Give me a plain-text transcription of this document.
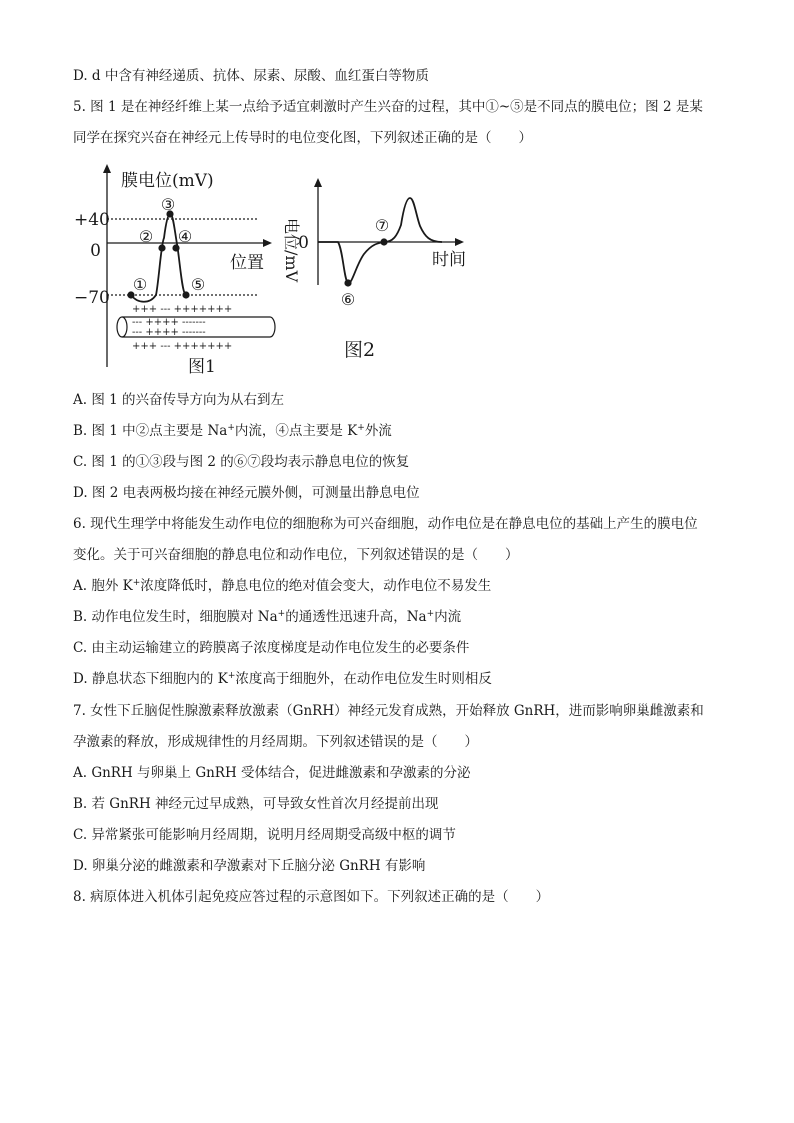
D. d 中含有神经递质、抗体、尿素、尿酸、血红蛋白等物质
5. 图 1 是在神经纤维上某一点给予适宜刺激时产生兴奋的过程，其中①~⑤是不同点的膜电位；图 2 是某
同学在探究兴奋在神经元上传导时的电位变化图，下列叙述正确的是（　　）
膜电位(mV)
+40
0
−70
位置
①
②
③
④
⑤
+++ --- +++++++
--- ++++ -------
--- ++++ -------
+++ --- +++++++
图1
0
电位/mV	时间
⑥
⑦
图2
A. 图 1 的兴奋传导方向为从右到左
B. 图 1 中②点主要是 Na+内流，④点主要是 K+外流
C. 图 1 的①③段与图 2 的⑥⑦段均表示静息电位的恢复
D. 图 2 电表两极均接在神经元膜外侧，可测量出静息电位
6. 现代生理学中将能发生动作电位的细胞称为可兴奋细胞，动作电位是在静息电位的基础上产生的膜电位
变化。关于可兴奋细胞的静息电位和动作电位，下列叙述错误的是（　　）
A. 胞外 K+浓度降低时，静息电位的绝对值会变大，动作电位不易发生
B. 动作电位发生时，细胞膜对 Na+的通透性迅速升高，Na+内流
C. 由主动运输建立的跨膜离子浓度梯度是动作电位发生的必要条件
D. 静息状态下细胞内的 K+浓度高于细胞外，在动作电位发生时则相反
7. 女性下丘脑促性腺激素释放激素（GnRH）神经元发育成熟，开始释放 GnRH，进而影响卵巢雌激素和
孕激素的释放，形成规律性的月经周期。下列叙述错误的是（　　）
A. GnRH 与卵巢上 GnRH 受体结合，促进雌激素和孕激素的分泌
B. 若 GnRH 神经元过早成熟，可导致女性首次月经提前出现
C. 异常紧张可能影响月经周期，说明月经周期受高级中枢的调节
D. 卵巢分泌的雌激素和孕激素对下丘脑分泌 GnRH 有影响
8. 病原体进入机体引起免疫应答过程的示意图如下。下列叙述正确的是（　　）
